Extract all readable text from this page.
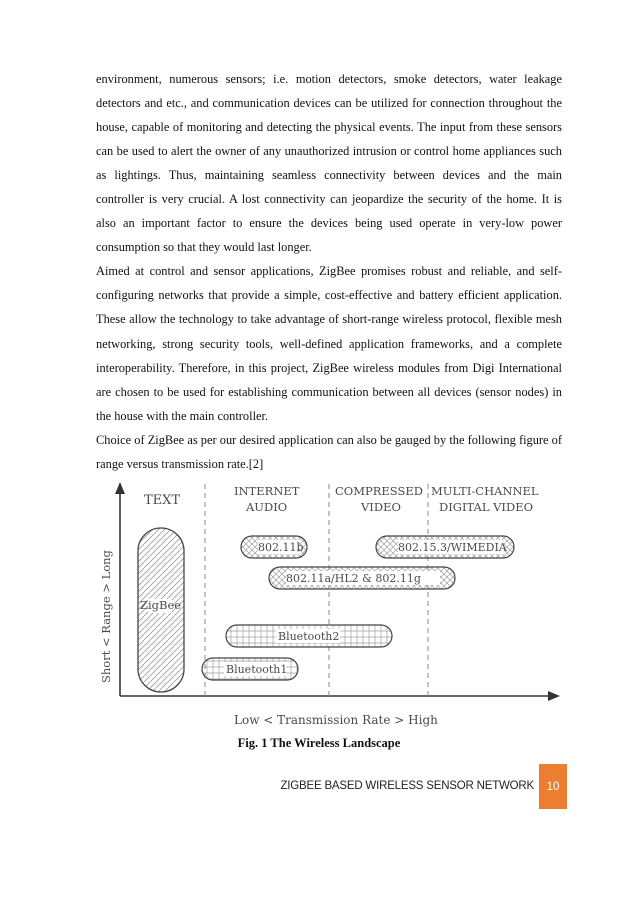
environment, numerous sensors; i.e. motion detectors, smoke detectors, water leakage detectors and etc., and communication devices can be utilized for connection throughout the house, capable of monitoring and detecting the physical events. The input from these sensors can be used to alert the owner of any unauthorized intrusion or control home appliances such as lightings. Thus, maintaining seamless connectivity between devices and the main controller is very crucial. A lost connectivity can jeopardize the security of the home. It is also an important factor to ensure the devices being used operate in very-low power consumption so that they would last longer.

Aimed at control and sensor applications, ZigBee promises robust and reliable, and self-configuring networks that provide a simple, cost-effective and battery efficient application. These allow the technology to take advantage of short-range wireless protocol, flexible mesh networking, strong security tools, well-defined application frameworks, and a complete interoperability. Therefore, in this project, ZigBee wireless modules from Digi International are chosen to be used for establishing communication between all devices (sensor nodes) in the house with the main controller.

Choice of ZigBee as per our desired application can also be gauged by the following figure of range versus transmission rate.[2]

TEXT
INTERNET
AUDIO
COMPRESSED
VIDEO
MULTI-CHANNEL
DIGITAL VIDEO
ZigBee
802.11b	802.15.3/WIMEDIA
802.11a/HL2 & 802.11g
Bluetooth2
Bluetooth1
Short < Range > Long
Low < Transmission Rate > High
Fig. 1 The Wireless Landscape
ZIGBEE BASED WIRELESS SENSOR NETWORK	10
